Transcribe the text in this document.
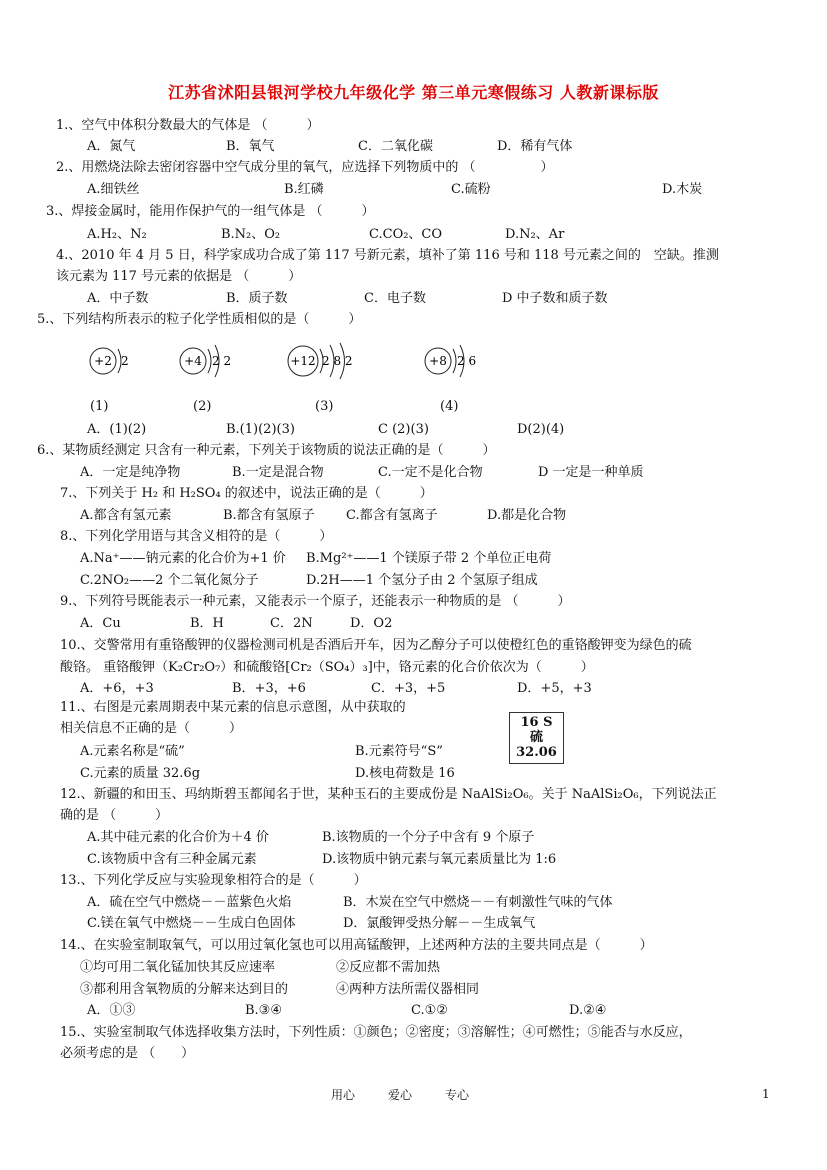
江苏省沭阳县银河学校九年级化学 第三单元寒假练习 人教新课标版
1.、空气中体积分数最大的气体是 （　　　）
A．氮气	B．氧气	C．二氧化碳	D．稀有气体
2.、用燃烧法除去密闭容器中空气成分里的氧气，应选择下列物质中的 （　　　　　）
A.细铁丝	B.红磷	C.硫粉	D.木炭
3.、焊接金属时，能用作保护气的一组气体是 （　　　）
A.H₂、N₂	B.N₂、O₂	C.CO₂、CO	D.N₂、Ar
4.、2010 年 4 月 5 日，科学家成功合成了第 117 号新元素，填补了第 116 号和 118 号元素之间的　空缺。推测
该元素为 117 号元素的依据是 （　　　）
A．中子数	B．质子数	C．电子数	D 中子数和质子数
5.、下列结构所表示的粒子化学性质相似的是（　　　）
+2 2	+4 2 2	+12 2 8 2	+8 2 6
(1)	(2)	(3)	(4)
A．(1)(2)	B.(1)(2)(3)	C (2)(3)	D(2)(4)
6.、某物质经测定 只含有一种元素，下列关于该物质的说法正确的是（　　　）
A．一定是纯净物	B.一定是混合物	C.一定不是化合物	D 一定是一种单质
7.、下列关于 H₂ 和 H₂SO₄ 的叙述中，说法正确的是（　　　）
A.都含有氢元素	B.都含有氢原子 C.都含有氢离子	D.都是化合物
8.、下列化学用语与其含义相符的是（　　　）
A.Na⁺——钠元素的化合价为+1 价 B.Mg²⁺——1 个镁原子带 2 个单位正电荷
C.2NO₂——2 个二氧化氮分子	D.2H——1 个氢分子由 2 个氢原子组成
9.、下列符号既能表示一种元素，又能表示一个原子，还能表示一种物质的是 （　　　）
A．Cu	B．H	C．2N	D．O2
10.、交警常用有重铬酸钾的仪器检测司机是否酒后开车，因为乙醇分子可以使橙红色的重铬酸钾变为绿色的硫
酸铬。 重铬酸钾（K₂Cr₂O₇）和硫酸铬[Cr₂（SO₄）₃]中，铬元素的化合价依次为（　　　）
A．+6，+3	B．+3，+6	C．+3，+5	D．+5，+3
11.、右图是元素周期表中某元素的信息示意图，从中获取的
相关信息不正确的是（　　　）	16 S
硫
32.06
A.元素名称是“硫”	B.元素符号“S”
C.元素的质量 32.6g	D.核电荷数是 16
12.、新疆的和田玉、玛纳斯碧玉都闻名于世，某种玉石的主要成份是 NaAlSi₂O₆。关于 NaAlSi₂O₆，下列说法正
确的是 （　　　）
A.其中硅元素的化合价为＋4 价	B.该物质的一个分子中含有 9 个原子
C.该物质中含有三种金属元素	D.该物质中钠元素与氧元素质量比为 1:6
13.、下列化学反应与实验现象相符合的是（　　　）
A．硫在空气中燃烧－－蓝紫色火焰	B．木炭在空气中燃烧－－有刺激性气味的气体
C.镁在氧气中燃烧－－生成白色固体	D．氯酸钾受热分解－－生成氧气
14.、在实验室制取氧气，可以用过氧化氢也可以用高锰酸钾，上述两种方法的主要共同点是（　　　）
①均可用二氧化锰加快其反应速率	②反应都不需加热
③都利用含氧物质的分解来达到目的	④两种方法所需仪器相同
A．①③	B.③④	C.①②	D.②④
15.、实验室制取气体选择收集方法时，下列性质：①颜色；②密度；③溶解性；④可燃性；⑤能否与水反应，
必须考虑的是 （　　）
用心	爱心	专心	1
